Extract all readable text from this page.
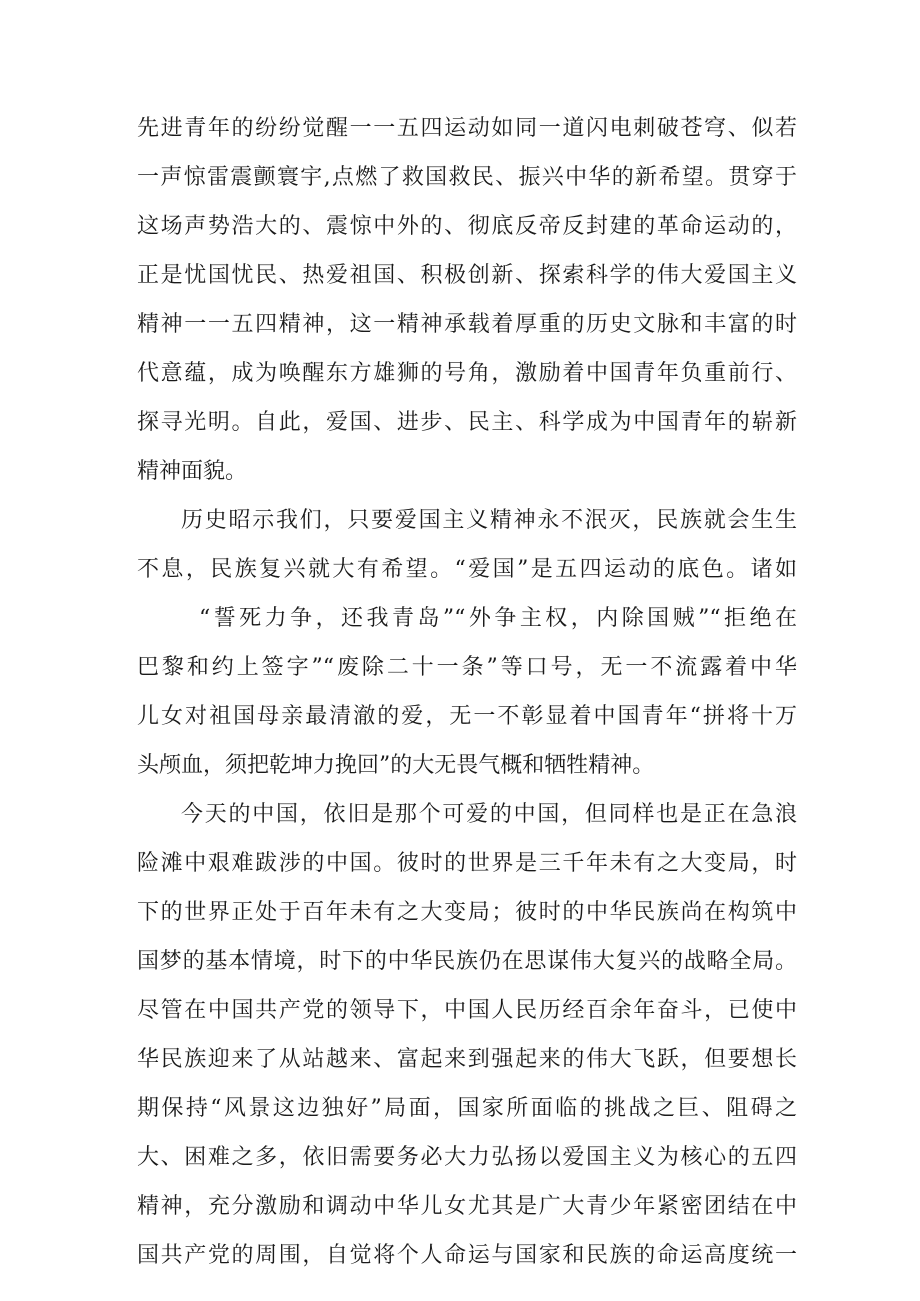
先进青年的纷纷觉醒一一五四运动如同一道闪电刺破苍穹、似若
一声惊雷震颤寰宇,点燃了救国救民、振兴中华的新希望。贯穿于
这场声势浩大的、震惊中外的、彻底反帝反封建的革命运动的，
正是忧国忧民、热爱祖国、积极创新、探索科学的伟大爱国主义
精神一一五四精神，这一精神承载着厚重的历史文脉和丰富的时
代意蕴，成为唤醒东方雄狮的号角，激励着中国青年负重前行、
探寻光明。自此，爱国、进步、民主、科学成为中国青年的崭新
精神面貌。
历史昭示我们，只要爱国主义精神永不泯灭，民族就会生生
不息，民族复兴就大有希望。“爱国”是五四运动的底色。诸如
“誓死力争，还我青岛”“外争主权，内除国贼”“拒绝在
巴黎和约上签字”“废除二十一条”等口号，无一不流露着中华
儿女对祖国母亲最清澈的爱，无一不彰显着中国青年“拼将十万
头颅血，须把乾坤力挽回”的大无畏气概和牺牲精神。
今天的中国，依旧是那个可爱的中国，但同样也是正在急浪
险滩中艰难跋涉的中国。彼时的世界是三千年未有之大变局，时
下的世界正处于百年未有之大变局；彼时的中华民族尚在构筑中
国梦的基本情境，时下的中华民族仍在思谋伟大复兴的战略全局。
尽管在中国共产党的领导下，中国人民历经百余年奋斗，已使中
华民族迎来了从站越来、富起来到强起来的伟大飞跃，但要想长
期保持“风景这边独好”局面，国家所面临的挑战之巨、阻碍之
大、困难之多，依旧需要务必大力弘扬以爱国主义为核心的五四
精神，充分激励和调动中华儿女尤其是广大青少年紧密团结在中
国共产党的周围，自觉将个人命运与国家和民族的命运高度统一
